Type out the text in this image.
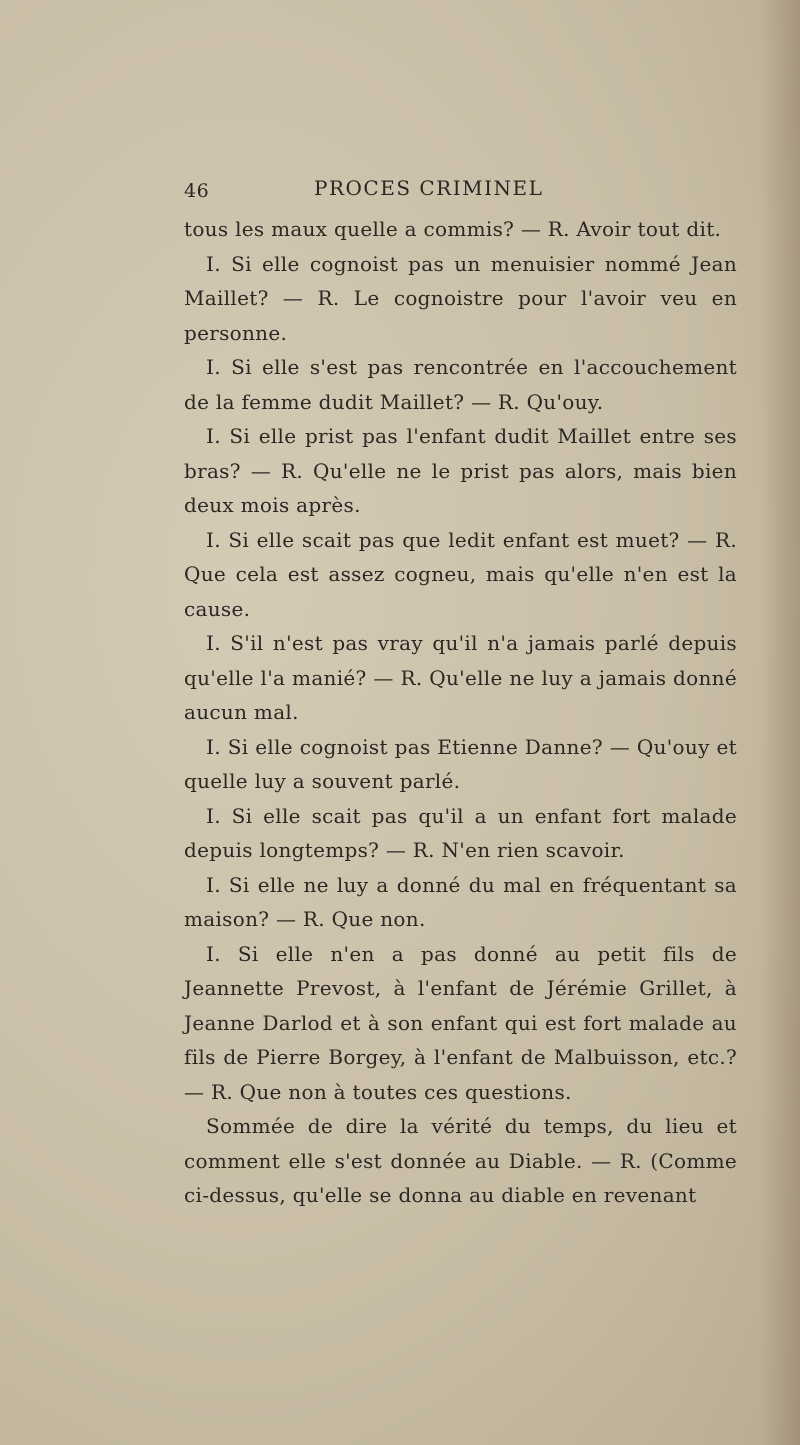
46	PROCES CRIMINEL

tous les maux quelle a commis? — R. Avoir tout dit.

I. Si elle cognoist pas un menuisier nommé Jean Maillet? — R. Le cognoistre pour l'avoir veu en personne.

I. Si elle s'est pas rencontrée en l'accouchement de la femme dudit Maillet? — R. Qu'ouy.

I. Si elle prist pas l'enfant dudit Maillet entre ses bras? — R. Qu'elle ne le prist pas alors, mais bien deux mois après.

I. Si elle scait pas que ledit enfant est muet? — R. Que cela est assez cogneu, mais qu'elle n'en est la cause.

I. S'il n'est pas vray qu'il n'a jamais parlé depuis qu'elle l'a manié? — R. Qu'elle ne luy a jamais donné aucun mal.

I. Si elle cognoist pas Etienne Danne? — Qu'ouy et quelle luy a souvent parlé.

I. Si elle scait pas qu'il a un enfant fort malade depuis longtemps? — R. N'en rien scavoir.

I. Si elle ne luy a donné du mal en fréquentant sa maison? — R. Que non.

I. Si elle n'en a pas donné au petit fils de Jeannette Prevost, à l'enfant de Jérémie Grillet, à Jeanne Darlod et à son enfant qui est fort malade au fils de Pierre Borgey, à l'enfant de Malbuisson, etc.? — R. Que non à toutes ces questions.

Sommée de dire la vérité du temps, du lieu et comment elle s'est donnée au Diable. — R. (Comme ci-dessus, qu'elle se donna au diable en revenant
